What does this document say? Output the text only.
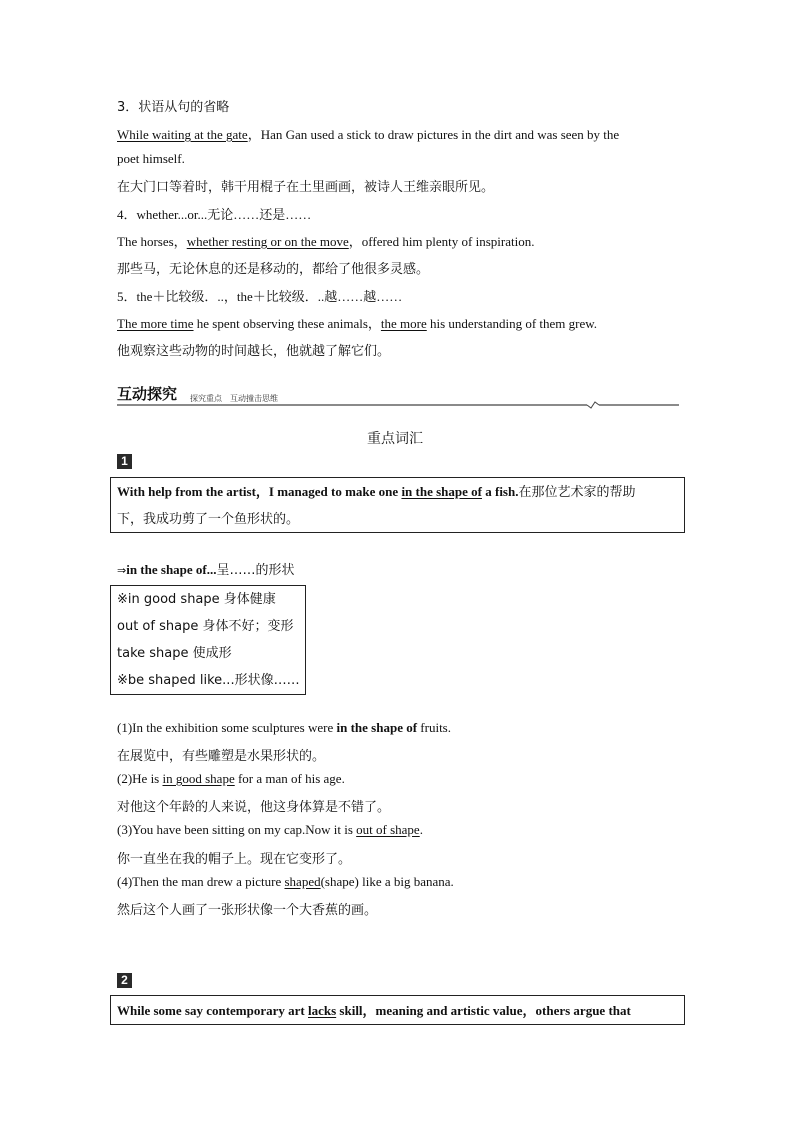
3．状语从句的省略
While waiting at the gate，Han Gan used a stick to draw pictures in the dirt and was seen by the
poet himself.
在大门口等着时，韩干用棍子在土里画画，被诗人王维亲眼所见。
4．whether...or...无论……还是……
The horses，whether resting or on the move，offered him plenty of inspiration.
那些马，无论休息的还是移动的，都给了他很多灵感。
5．the＋比较级．..，the＋比较级．..越……越……
The more time he spent observing these animals，the more his understanding of them grew.
他观察这些动物的时间越长，他就越了解它们。
互动探究 探究重点　互动撞击思维
重点词汇
1
With help from the artist，I managed to make one in the shape of a fish.在那位艺术家的帮助
下，我成功剪了一个鱼形状的。
⇒in the shape of...呈……的形状
※in good shape 身体健康
out of shape 身体不好；变形
take shape 使成形
※be shaped like...形状像……
(1)In the exhibition some sculptures were in the shape of fruits.
在展览中，有些雕塑是水果形状的。
(2)He is in good shape for a man of his age.
对他这个年龄的人来说，他这身体算是不错了。
(3)You have been sitting on my cap.Now it is out of shape.
你一直坐在我的帽子上。现在它变形了。
(4)Then the man drew a picture shaped(shape) like a big banana.
然后这个人画了一张形状像一个大香蕉的画。
2
While some say contemporary art lacks skill，meaning and artistic value，others argue that
